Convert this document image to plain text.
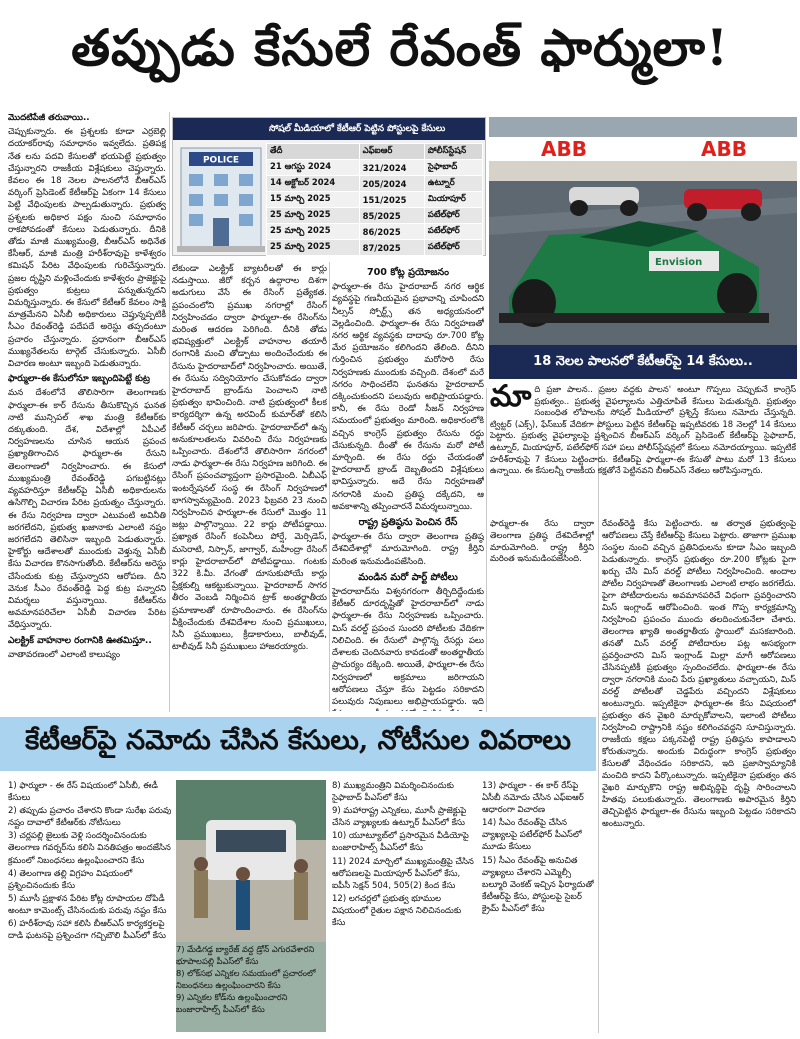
తప్పుడు కేసులే రేవంత్‌ ఫార్ములా!

మొదటిపేజీ తరువాయి..

చెప్పుకున్నారు. ఈ ప్రశ్నలకు కూడా ఎర్రబెల్లి దయాకర్‌రావు సమాధానం ఇవ్వలేదు. ప్రతిపక్ష నేత లను పదవి కేసులతో భయపెట్టే ప్రభుత్వం చేస్తున్నారని రాజకీయ విశ్లేషకులు చెప్తున్నారు. కేవలం ఈ 18 నెలల పాలనలోనే బీఆర్‌ఎస్‌ వర్కింగ్‌ ప్రెసిడెంట్‌ కేటీఆర్‌పై ఏకంగా 14 కేసులు పెట్టి వేధింపులకు పాల్పడుతున్నారు. ప్రభుత్వ ప్రశ్నలకు అధికార పక్షం నుంచి సమాధానం రాకపోవడంతో కేసులు పెడుతున్నారు. దీనికి తోడు మాజీ ముఖ్యమంత్రి, బీఆర్‌ఎస్‌ అధినేత కేసీఆర్‌, మాజీ మంత్రి హరీశ్‌రావుపై కాళేశ్వరం కమిషన్‌ పేరిట వేధింపులకు గురిచేస్తున్నారు. ప్రజల దృష్టిని మళ్లించేందుకు కాళేశ్వరం ప్రాజెక్టుపై ప్రభుత్వం కుట్రలు పన్నుతున్నదని విమర్శిస్తున్నారు. ఈ కేసులో కేటీఆర్‌ కేవలం సాక్షి మాత్రమేనని ఏసీబీ అధికారులు చెప్తున్నప్పటికీ సీఎం రేవంత్‌రెడ్డి పదేపదే అరెస్టు తప్పదంటూ ప్రచారం చేస్తున్నారు. ప్రధానంగా బీఆర్‌ఎస్‌ ముఖ్యనేతలను టార్గెట్‌ చేసుకున్నారు. ఏసీబీ విచారణ అంటూ ఇబ్బంది పెడుతున్నారు.

ఫార్ములా-ఈ కేసులోనూ ఇబ్బందిపెట్టే కుట్ర

మన దేశంలోనే తొలిసారిగా తెలంగాణకు ఫార్ములా-ఈ కార్‌ రేసును తీసుకొచ్చిన ఘనత నాటి మున్సిపల్‌ శాఖ మంత్రి కేటీఆర్‌కు దక్కుతుంది. దేశ, విదేశాల్లో ఏపీఎల్‌ నిర్వహణలను చూసిన ఆయన ప్రపంచ ప్రఖ్యాతిగాంచిన ఫార్ములా-ఈ రేసుని తెలంగాణలో నిర్వహించారు. ఈ కేసులో ముఖ్యమంత్రి రేవంత్‌రెడ్డి పగబట్టినట్లు వ్యవహరిస్తూ కేటీఆర్‌పై ఏసీబీ అధికారులను ఉసిగొల్పి విచారణ పేరిట ప్రయత్నం చేస్తున్నారు. ఈ రేసు నిర్వహణ ద్వారా ఎటువంటి అవినీతి జరగలేదని, ప్రభుత్వ ఖజానాకు ఎలాంటి నష్టం జరగలేదని తెలిసినా ఇబ్బంది పెడుతున్నారు. హైకోర్టు ఆదేశాలతో ముందుకు వెళ్తున్న ఏసీబీ కేసు విచారణ కొనసాగుతోంది. కేటీఆర్‌ను అరెస్టు చేసేందుకు కుట్ర చేస్తున్నారని ఆరోపణ. దీని వెనుక సీఎం రేవంత్‌రెడ్డి పెద్ద కుట్ర పన్నారని విమర్శలు వస్తున్నాయి. కేటీఆర్‌ను అవమానపరిచేలా ఏసీబీ విచారణ పేరిట వేధిస్తున్నారు.

ఎలక్ట్రిక్‌ వాహనాల రంగానికి ఊతమిస్తూ..

వాతావరణంలో ఎలాంటి కాలుష్యం

సోషల్‌ మీడియాలో కేటీఆర్‌ పెట్టిన పోస్టులపై కేసులు
POLICE
తేదీ	ఎఫ్‌ఐఆర్‌	పోలీస్‌స్టేషన్‌
21 ఆగస్టు 2024	321/2024	సైఫాబాద్‌
14 అక్టోబర్‌ 2024	205/2024	ఉట్నూర్‌
15 మార్చి 2025	151/2025	మియాపూర్‌
25 మార్చి 2025	85/2025	పటేల్‌ఫోర్‌
25 మార్చి 2025	86/2025	పటేల్‌ఫోర్‌
25 మార్చి 2025	87/2025	పటేల్‌ఫోర్‌
ABB	ABB
Envision
18 నెలల పాలనలో కేటీఆర్‌పై 14 కేసులు..

లేకుండా ఎలక్ట్రిక్‌ బ్యాటరీలతో ఈ కార్లు నడుస్తాయి. జీరో కర్బన ఉద్గారాల దిశగా అడుగులు వేసే ఈ రేసింగ్‌ ప్రత్యేకత. ప్రపంచంలోని ప్రముఖ నగరాల్లో రేసింగ్‌ నిర్వహించడం ద్వారా ఫార్ములా-ఈ రేసింగ్‌ను మరింత ఆదరణ పెరిగింది. దీనికి తోడు భవిష్యత్తులో ఎలక్ట్రిక్‌ వాహనాల తయారీ రంగానికి మంచి తోడ్పాటు అందించేందుకు ఈ రేసును హైదరాబాద్‌లో నిర్వహించారు. అయితే, ఈ రేసును సద్వినియోగం చేసుకోవడం ద్వారా హైదరాబాద్‌ బ్రాండ్‌ను పెంచాలని నాటి ప్రభుత్వం భావించింది. నాటి ప్రభుత్వంలో కీలక కార్యదర్శిగా ఉన్న అరవింద్‌ కుమార్‌తో కలిసి కేటీఆర్‌ చర్చలు జరిపారు. హైదరాబాద్‌లో ఉన్న అనుకూలతలను వివరించి రేసు నిర్వహణకు ఒప్పించారు. దేశంలోనే తొలిసారిగా నగరంలో నాడు ఫార్ములా-ఈ రేసు నిర్వహణ జరిగింది. ఈ రేసింగ్‌ ప్రపంచవ్యాప్తంగా ప్రసారమైంది. ఏబీఎఫ్‌ ఇంటర్నేషనల్‌ సంస్థ ఈ రేసింగ్‌ నిర్వహణలో భాగస్వామ్యమైంది. 2023 ఫిబ్రవరి 23 నుంచి నిర్వహించిన ఫార్ములా-ఈ రేసులో మొత్తం 11 జట్లు పాల్గొన్నాయి. 22 కార్లు పోటీపడ్డాయి. ప్రఖ్యాత రేసింగ్‌ కంపెనీలు పోర్షే, మెర్సిడెస్‌, మసెరాటి, నిస్సాన్‌, జాగ్వార్‌, మహీంద్రా రేసింగ్‌ కార్లు హైదరాబాద్‌లో పోటీపడ్డాయి. గంటకు 322 కి.మీ. వేగంతో దూసుకుపోయే కార్లు ప్రేక్షకుల్ని ఆకట్టుకున్నాయి. హైదరాబాద్‌ సాగర తీరం వెంబడి నిర్మించిన ట్రాక్‌ అంతర్జాతీయ ప్రమాణాలతో రూపొందించారు. ఈ రేసింగ్‌ను వీక్షించేందుకు దేశవిదేశాల నుంచి ప్రముఖులు, సినీ ప్రముఖులు, క్రీడాకారులు, బాలీవుడ్‌, టాలీవుడ్‌ సినీ ప్రముఖులు హాజరయ్యారు.

700 కోట్ల ప్రయోజనం

ఫార్ములా-ఈ రేసు హైదరాబాద్‌ నగర ఆర్థిక వ్యవస్థపై గణనీయమైన ప్రభావాన్ని చూపిందని నీల్సన్‌ స్పోర్ట్స్‌ తన అధ్యయనంలో వెల్లడించింది. ఫార్ములా-ఈ రేసు నిర్వహణతో నగర ఆర్థిక వ్యవస్థకు దాదాపు రూ.700 కోట్ల మేర ప్రయోజనం కలిగిందని తేలింది. దీనిని గుర్తించిన ప్రభుత్వం మరోసారి రేసు నిర్వహణకు ముందుకు వచ్చింది. దేశంలో మరే నగరం సాధించలేని ఘనతను హైదరాబాద్‌ దక్కించుకుందని పలువురు అభిప్రాయపడ్డారు. కానీ, ఈ రేసు రెండో సీజన్‌ నిర్వహణ సమయంలో ప్రభుత్వం మారింది. అధికారంలోకి వచ్చిన కాంగ్రెస్‌ ప్రభుత్వం రేసును రద్దు చేసుకున్నది. దీంతో ఈ రేసును మరో పోటీ మార్చింది. ఈ రేసు రద్దు చేయడంతో హైదరాబాద్‌ బ్రాండ్‌ దెబ్బతిందని విశ్లేషకులు భావిస్తున్నారు. అదే రేసు నిర్వహణతో నగరానికి మంచి ప్రతిష్ఠ దక్కేదని, ఆ అవకాశాన్ని తప్పించారనే విమర్శలున్నాయి.

రాష్ట్ర ప్రతిష్ఠను పెంచిన రేస్‌

ఫార్ములా-ఈ రేసు ద్వారా తెలంగాణ ప్రతిష్ఠ దేశవిదేశాల్లో మారుమోగింది. రాష్ట్ర కీర్తిని మరింత ఇనుమడింపజేసింది.

మండిన మరో పార్ట్‌ పోటీలు

హైదరాబాద్‌ను విశ్వనగరంగా తీర్చిదిద్దేందుకు కేటీఆర్‌ దూరదృష్టితో హైదరాబాద్‌లో నాడు ఫార్ములా-ఈ రేసు నిర్వహణకు ఒప్పించారు. మిస్‌ వరల్డ్‌ ప్రపంచ సుందరి పోటీలకు వేదికగా నిలిచింది. ఈ రేసులో పాల్గొన్న రేసర్లు పలు దేశాలకు చెందినవారు కావడంతో అంతర్జాతీయ ప్రాచుర్యం దక్కింది. అయితే, ఫార్ములా-ఈ రేసు నిర్వహణలో అక్రమాలు జరిగాయని ఆరోపణలు చేస్తూ కేసు పెట్టడం సరికాదని పలువురు నిపుణులు అభిప్రాయపడ్డారు. ఇది

మా ది ప్రజా పాలన.. ప్రజల వద్దకు పాలన' అంటూ గొప్పలు చెప్పుకునే కాంగ్రెస్‌ ప్రభుత్వం.. ప్రభుత్వ వైఫల్యాలను ఎత్తిచూపితే కేసులు పెడుతున్నది. ప్రభుత్వం సంబంధిత లోపాలను సోషల్‌ మీడియాలో ప్రశ్నిస్తే కేసులు నమోదు చేస్తున్నది. ట్విట్టర్‌ (ఎక్స్‌), ఫేస్‌బుక్‌ వేదికగా పోస్టులు పెట్టిన కేటీఆర్‌పై ఇప్పటివరకు 18 నెలల్లో 14 కేసులు పెట్టారు. ప్రభుత్వ వైఫల్యాలపై ప్రశ్నించిన బీఆర్‌ఎస్‌ వర్కింగ్‌ ప్రెసిడెంట్‌ కేటీఆర్‌పై సైఫాబాద్‌, ఉట్నూర్‌, మియాపూర్‌, పటేల్‌ఫోర్‌ సహా పలు పోలీస్‌స్టేషన్లలో కేసులు నమోదయ్యాయి. ఇప్పటికే హరీశ్‌రావుపై 7 కేసులు పెట్టించారు. కేటీఆర్‌పై ఫార్ములా-ఈ కేసుతో పాటు మరో 13 కేసులు ఉన్నాయి. ఈ కేసులన్నీ రాజకీయ కక్షతోనే పెట్టినవని బీఆర్‌ఎస్‌ నేతలు ఆరోపిస్తున్నారు.

ఫార్ములా-ఈ రేసు ద్వారా తెలంగాణ ప్రతిష్ఠ దేశవిదేశాల్లో మారుమోగింది. రాష్ట్ర కీర్తిని మరింత ఇనుమడింపజేసింది.

రేవంత్‌రెడ్డి కేసు పెట్టించారు. ఆ తర్వాత ప్రభుత్వంపై ఆరోపణలు చేస్తే కేటీఆర్‌పై కేసులు పెట్టారు. తాజాగా ప్రముఖ సంస్థల నుంచి వచ్చిన ప్రతినిధులను కూడా సీఎం ఇబ్బంది పెడుతున్నారు. కాంగ్రెస్‌ ప్రభుత్వం రూ.200 కోట్లకు పైగా ఖర్చు చేసి మిస్‌ వరల్డ్‌ పోటీలు నిర్వహించింది. అందాల పోటీల నిర్వహణతో తెలంగాణకు ఎలాంటి లాభం జరగలేదు. పైగా పోటీదారులను అవమానపరిచే విధంగా ప్రవర్తించారని మిస్‌ ఇంగ్లాండ్‌ ఆరోపించింది. ఇంత గొప్ప కార్యక్రమాన్ని నిర్వహించి ప్రపంచం ముందు తలదించుకునేలా చేశారు. తెలంగాణ ఖ్యాతి అంతర్జాతీయ స్థాయిలో మసకబారింది. తనతో మిస్‌ వరల్డ్‌ పోటీదారుల పట్ల అసభ్యంగా ప్రవర్తించారని మిస్‌ ఇంగ్లాండ్‌ మిల్లా మాగీ ఆరోపణలు చేసినప్పటికీ ప్రభుత్వం స్పందించలేదు. ఫార్ములా-ఈ రేసు ద్వారా నగరానికి మంచి పేరు ప్రఖ్యాతులు వచ్చాయని, మిస్‌ వరల్డ్‌ పోటీలతో చెడ్డపేరు వచ్చిందని విశ్లేషకులు అంటున్నారు. ఇప్పటికైనా ఫార్ములా-ఈ కేసు విషయంలో ప్రభుత్వం తన వైఖరి మార్చుకోవాలని, ఇలాంటి పోటీలు నిర్వహించి రాష్ట్రానికి నష్టం కలిగించవద్దని సూచిస్తున్నారు. రాజకీయ కక్షలు పక్కనపెట్టి రాష్ట్ర ప్రతిష్ఠను కాపాడాలని కోరుతున్నారు. అందుకు విరుద్ధంగా కాంగ్రెస్‌ ప్రభుత్వం కేసులతో వేధించడం సరికాదని, ఇది ప్రజాస్వామ్యానికి మంచిది కాదని పేర్కొంటున్నారు. ఇప్పటికైనా ప్రభుత్వం తన వైఖరి మార్చుకొని రాష్ట్ర అభివృద్ధిపై దృష్టి సారించాలని హితవు పలుకుతున్నారు. తెలంగాణకు అపారమైన కీర్తిని తెచ్చిపెట్టిన ఫార్ములా-ఈ రేసును ఇబ్బంది పెట్టడం సరికాదని అంటున్నారు.

కేటీఆర్‌పై నమోదు చేసిన కేసులు, నోటీసుల వివరాలు
1) ఫార్ములా - ఈ రేస్‌ విషయంలో ఏసీబీ, ఈడీ కేసులు
2) తప్పుడు ప్రచారం చేశారని కొండా సురేఖ పరువు నష్టం దావాలో కేటీఆర్‌కు నోటీసులు
3) చర్లపల్లి జైలుకు వెళ్లి సందర్శించినందుకు తెలంగాణ గవర్నర్‌ను కలిసి వినతిపత్రం అందజేసిన క్రమంలో నిబంధనలు ఉల్లంఘించారని కేసు
4) తెలంగాణ తల్లి విగ్రహం విషయంలో ప్రశ్నించినందుకు కేసు
5) మూసీ ప్రక్షాళన పేరిట కోట్ల రూపాయల దోపిడీ అంటూ కామెంట్స్‌ చేసినందుకు పరువు నష్టం కేసు
6) హరీశ్‌రావు సహా కలిసి బీఆర్‌ఎస్‌ కార్యకర్తలపై దాడి ఘటనపై ప్రశ్నించగా గచ్చిబౌలి పీఎస్‌లో కేసు
7) మేడిగడ్డ బ్యారేజ్‌ వద్ద డ్రోన్‌ ఎగురవేశారని భూపాలపల్లి పీఎస్‌లో కేసు
8) లోక్‌సభ ఎన్నికల సమయంలో ప్రచారంలో నిబంధనలు ఉల్లంఘించారని కేసు
9) ఎన్నికల కోడ్‌ను ఉల్లంఘించారని బంజారాహిల్స్‌ పీఎస్‌లో కేసు
8) ముఖ్యమంత్రిని విమర్శించినందుకు సైఫాబాద్‌ పీఎస్‌లో కేసు
9) మహారాష్ట్ర ఎన్నికలు, మూసీ ప్రాజెక్టుపై చేసిన వ్యాఖ్యలకు ఉట్నూర్‌ పీఎస్‌లో కేసు
10) యూట్యూబ్‌లో ప్రసారమైన వీడియోపై బంజారాహిల్స్‌ పీఎస్‌లో కేసు
11) 2024 మార్చిలో ముఖ్యమంత్రిపై చేసిన ఆరోపణలపై మియాపూర్‌ పీఎస్‌లో కేసు, ఐపీసీ సెక్షన్‌ 504, 505(2) కింద కేసు
12) లగచర్లలో ప్రభుత్వ భూముల విషయంలో రైతుల పక్షాన నిలిచినందుకు కేసు
13) ఫార్ములా - ఈ కార్‌ రేస్‌పై ఏసీబీ నమోదు చేసిన ఎఫ్‌ఐఆర్‌ ఆధారంగా విచారణ
14) సీఎం రేవంత్‌పై చేసిన వ్యాఖ్యలపై పటేల్‌ఫోర్‌ పీఎస్‌లో మూడు కేసులు
15) సీఎం రేవంత్‌పై అనుచిత వ్యాఖ్యలు చేశారని ఎమ్మెల్సీ బల్మూరి వెంకట్‌ ఇచ్చిన ఫిర్యాదుతో కేటీఆర్‌పై కేసు, పోస్టులపై సైబర్‌ క్రైమ్‌ పీఎస్‌లో కేసు
